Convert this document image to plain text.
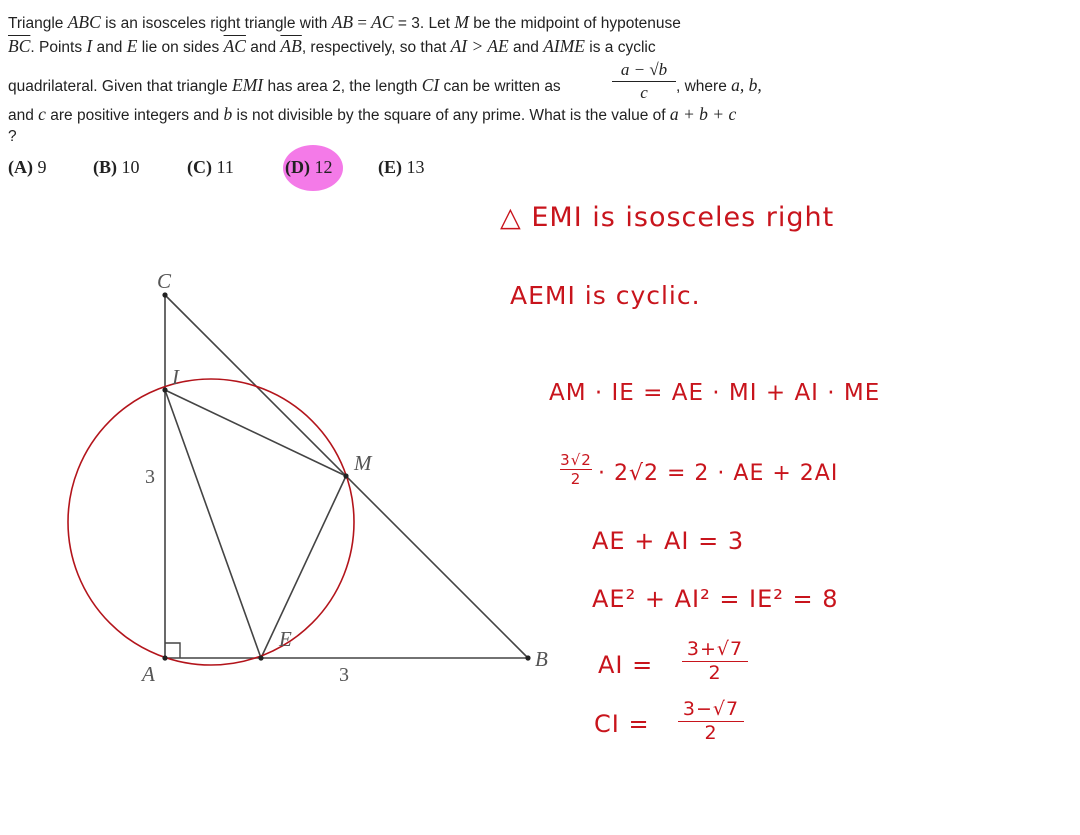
Triangle ABC is an isosceles right triangle with AB = AC = 3. Let M be the midpoint of hypotenuse
$\overline{BC}$. Points I and E lie on sides $\overline{AC}$ and $\overline{AB}$, respectively, so that AI > AE and AIME is a cyclic
quadrilateral. Given that triangle EMI has area 2, the length CI can be written as	$\frac{a - √b}{c}$ , where a, b,
and c are positive integers and b is not divisible by the square of any prime. What is the value of a + b + c
?
(A) 9	(B) 10	(C) 11	(D) 12	(E) 13
C
I
M
A
E
B
3
3
△ EMI is isosceles right
AEMI is cyclic.
AM · IE = AE · MI + AI · ME
$\frac{3√2}{2} \cdot 2√2 = 2$ · AE + 2AI
AE + AI = 3
AE² + AI² = IE² = 8
AI = $\frac{3+√7}{2}$
CI = $\frac{3-√7}{2}$
